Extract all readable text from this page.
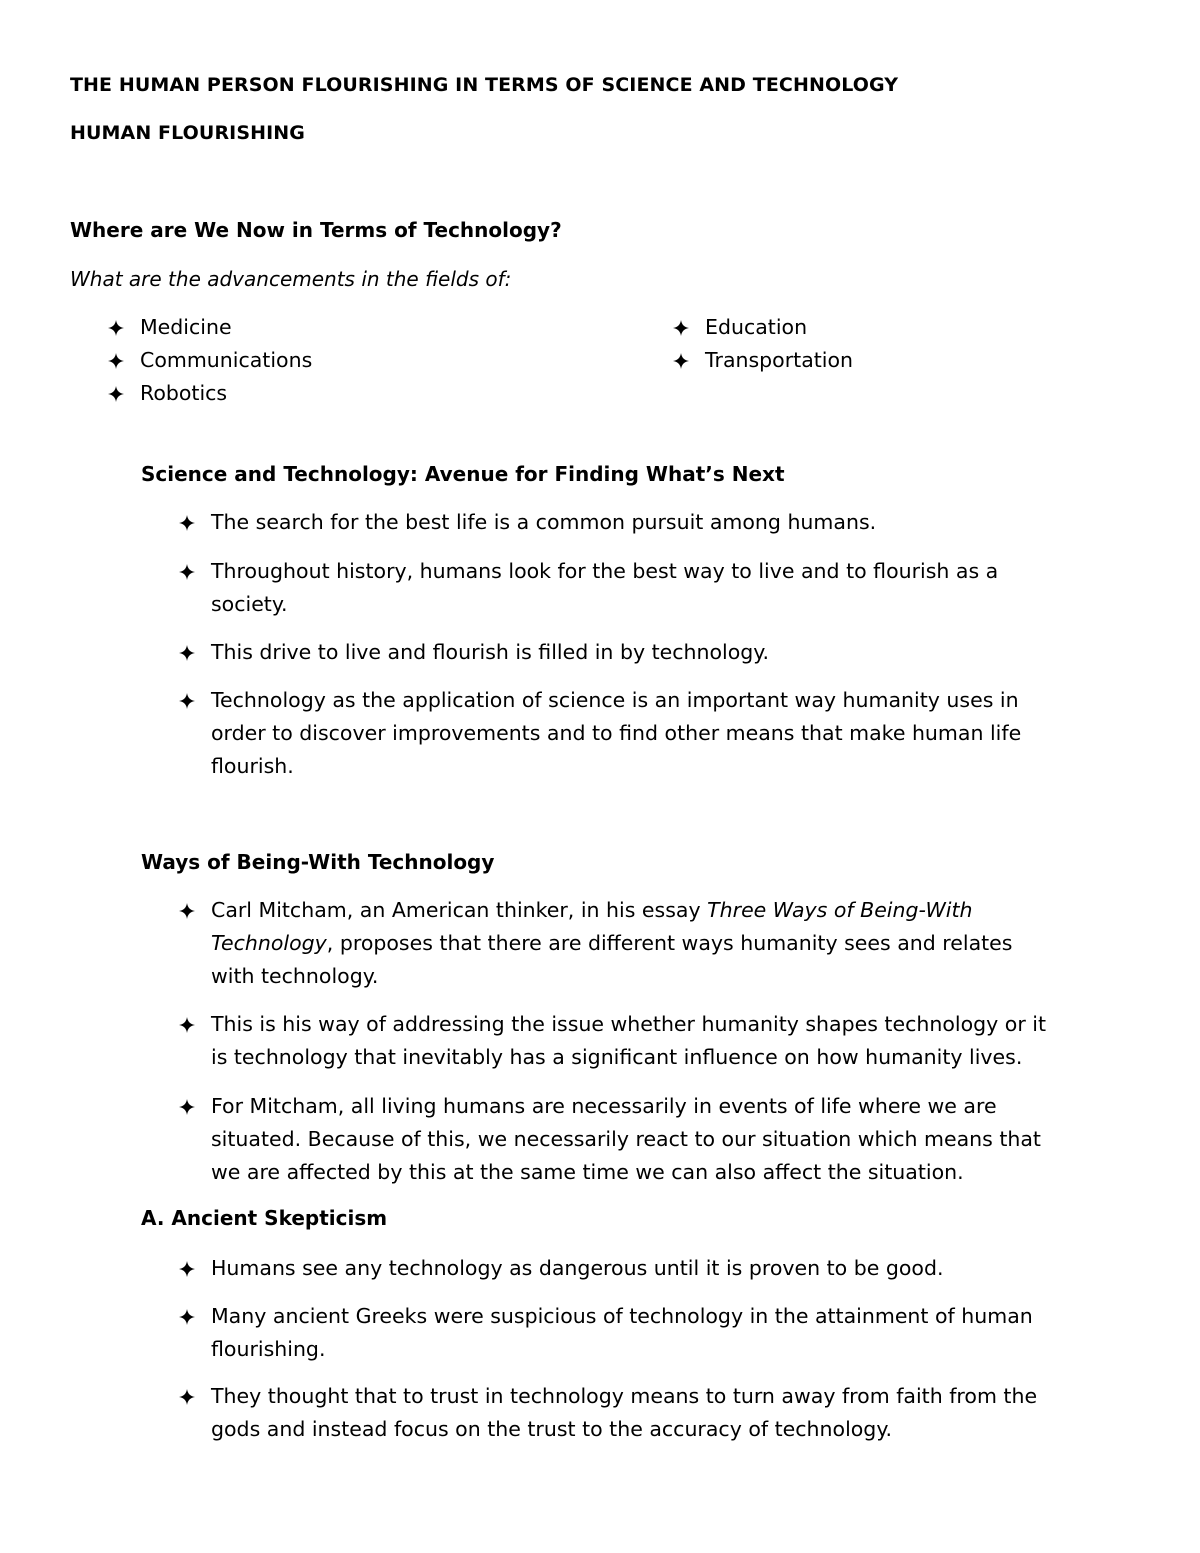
THE HUMAN PERSON FLOURISHING IN TERMS OF SCIENCE AND TECHNOLOGY
HUMAN FLOURISHING
Where are We Now in Terms of Technology?
What are the advancements in the fields of:
Medicine
Communications
Robotics
Education
Transportation
Science and Technology: Avenue for Finding What’s Next
The search for the best life is a common pursuit among humans.
Throughout history, humans look for the best way to live and to flourish as a society.
This drive to live and flourish is filled in by technology.
Technology as the application of science is an important way humanity uses in order to discover improvements and to find other means that make human life flourish.
Ways of Being-With Technology
Carl Mitcham, an American thinker, in his essay Three Ways of Being-With Technology, proposes that there are different ways humanity sees and relates with technology.
This is his way of addressing the issue whether humanity shapes technology or it is technology that inevitably has a significant influence on how humanity lives.
For Mitcham, all living humans are necessarily in events of life where we are situated. Because of this, we necessarily react to our situation which means that we are affected by this at the same time we can also affect the situation.
A. Ancient Skepticism
Humans see any technology as dangerous until it is proven to be good.
Many ancient Greeks were suspicious of technology in the attainment of human flourishing.
They thought that to trust in technology means to turn away from faith from the gods and instead focus on the trust to the accuracy of technology.
